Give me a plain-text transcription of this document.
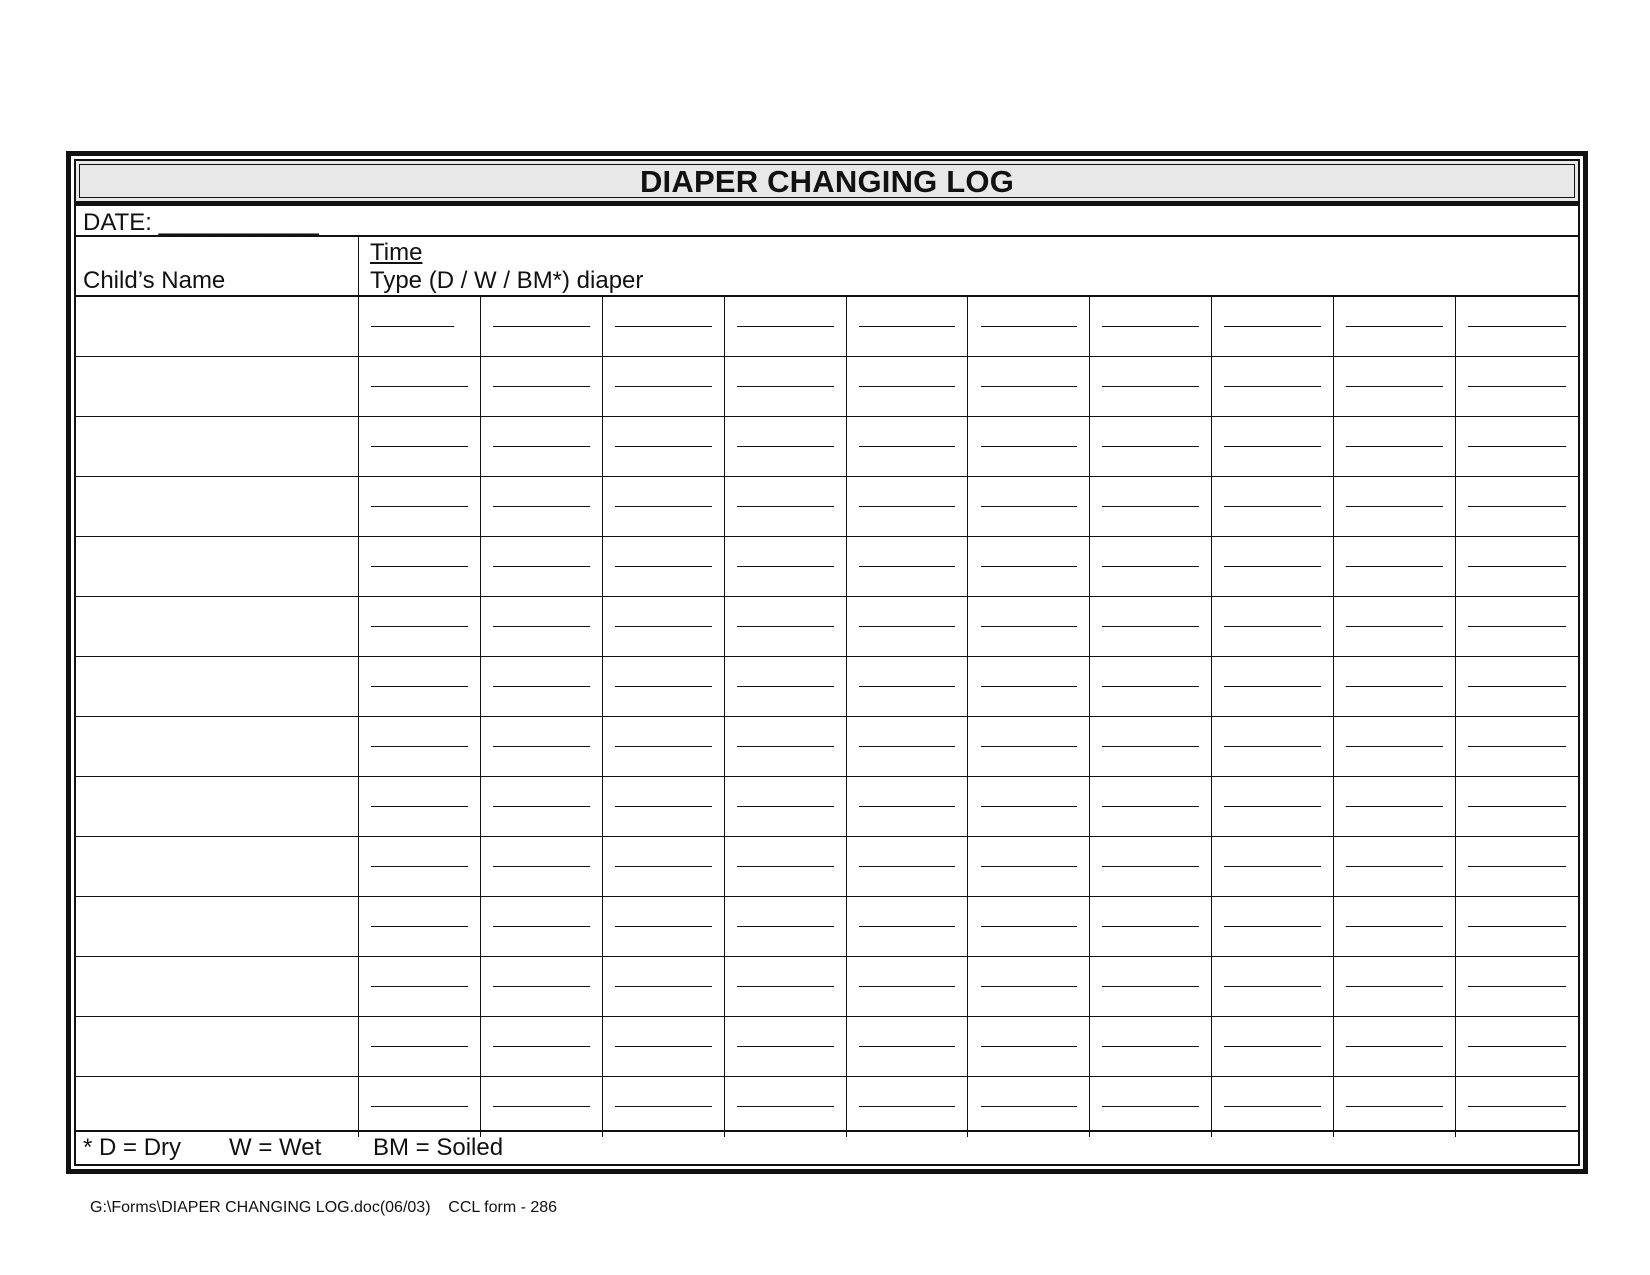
DIAPER CHANGING LOG
DATE: ____________
Child’s Name
Time
Type (D / W / BM*) diaper
* D = Dry W = Wet BM = Soiled
G:\Forms\DIAPER CHANGING LOG.doc(06/03)    CCL form - 286
